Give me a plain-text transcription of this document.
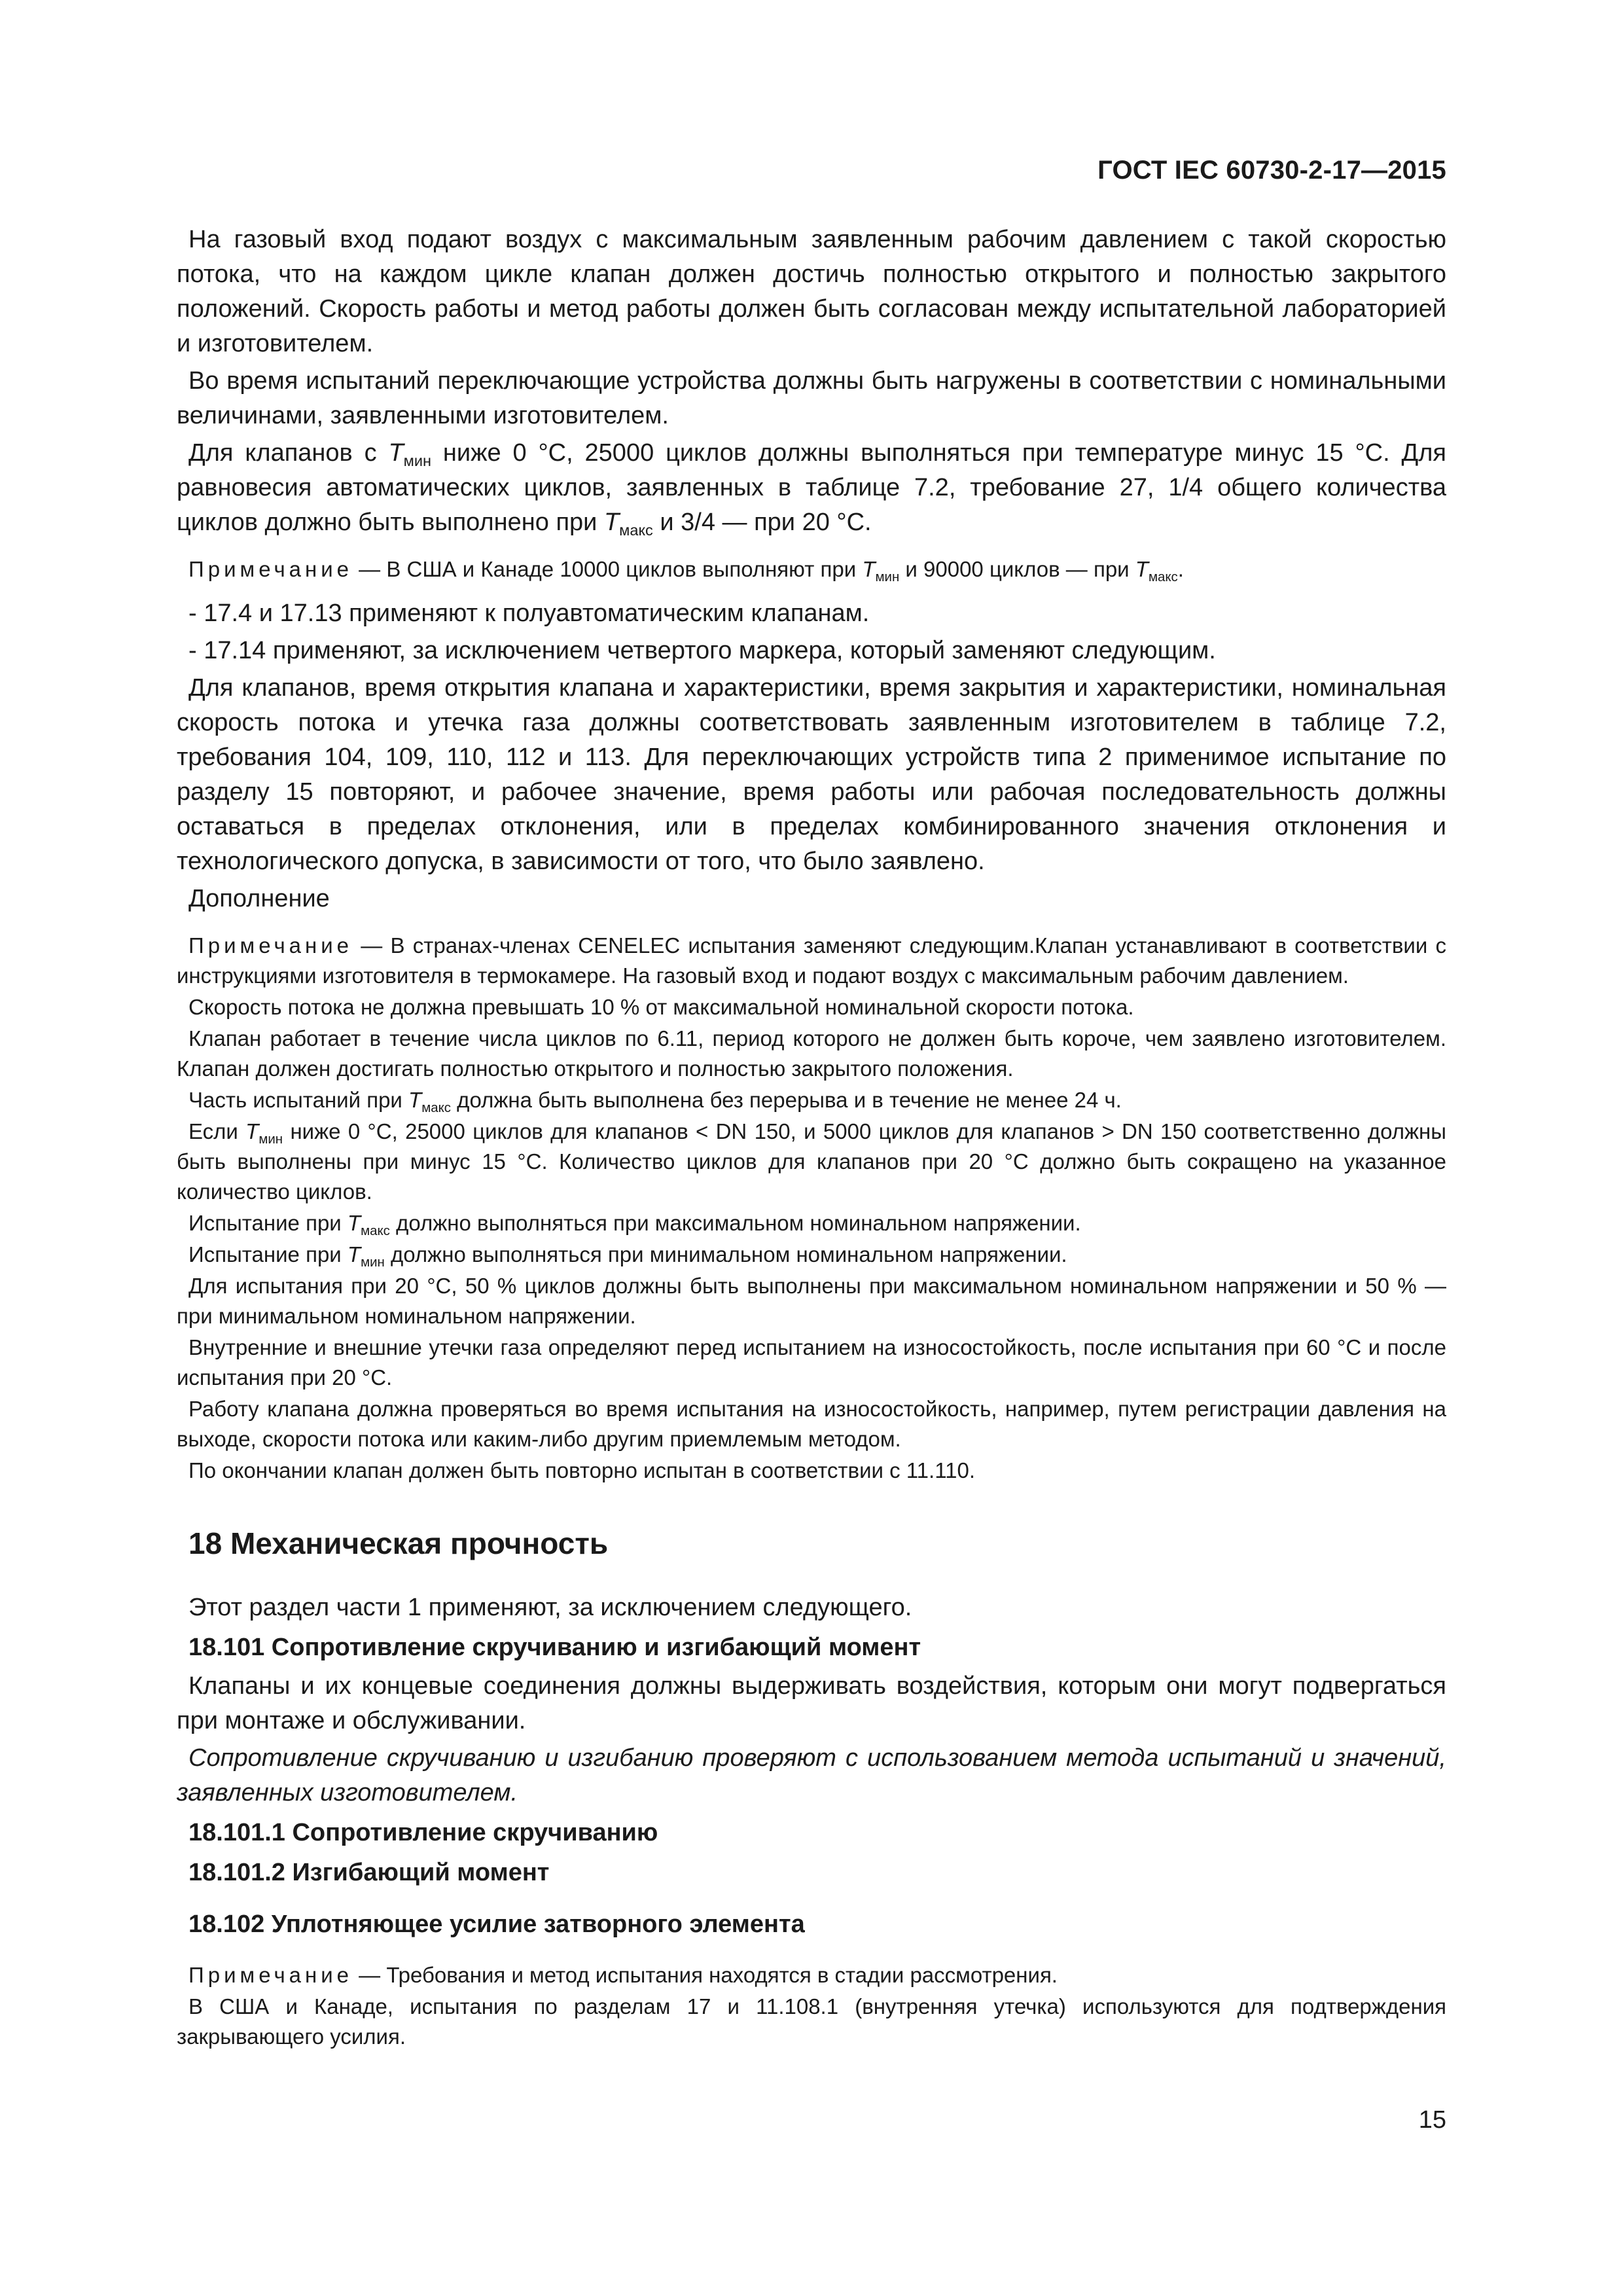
ГОСТ IEC 60730-2-17—2015

На газовый вход подают воздух с максимальным заявленным рабочим давлением с такой скоростью потока, что на каждом цикле клапан должен достичь полностью открытого и полностью закрытого положений. Скорость работы и метод работы должен быть согласован между испытательной лабораторией и изготовителем.

Во время испытаний переключающие устройства должны быть нагружены в соответствии с номинальными величинами, заявленными изготовителем.

Для клапанов с $T_{мин}$ ниже 0 °С, 25000 циклов должны выполняться при температуре минус 15 °С. Для равновесия автоматических циклов, заявленных в таблице 7.2, требование 27, 1/4 общего количества циклов должно быть выполнено при $T_{макс}$ и 3/4 — при 20 °С.

Примечание — В США и Канаде 10000 циклов выполняют при $T_{мин}$ и 90000 циклов — при $T_{макс}$.

- 17.4 и 17.13 применяют к полуавтоматическим клапанам.

- 17.14 применяют, за исключением четвертого маркера, который заменяют следующим.

Для клапанов, время открытия клапана и характеристики, время закрытия и характеристики, номинальная скорость потока и утечка газа должны соответствовать заявленным изготовителем в таблице 7.2, требования 104, 109, 110, 112 и 113. Для переключающих устройств типа 2 применимое испытание по разделу 15 повторяют, и рабочее значение, время работы или рабочая последовательность должны оставаться в пределах отклонения, или в пределах комбинированного значения отклонения и технологического допуска, в зависимости от того, что было заявлено.

Дополнение

Примечание — В странах-членах CENELEC испытания заменяют следующим.Клапан устанавливают в соответствии с инструкциями изготовителя в термокамере. На газовый вход и подают воздух с максимальным рабочим давлением.

Скорость потока не должна превышать 10 % от максимальной номинальной скорости потока.

Клапан работает в течение числа циклов по 6.11, период которого не должен быть короче, чем заявлено изготовителем. Клапан должен достигать полностью открытого и полностью закрытого положения.

Часть испытаний при $T_{макс}$ должна быть выполнена без перерыва и в течение не менее 24 ч.

Если $T_{мин}$ ниже 0 °С, 25000 циклов для клапанов < DN 150, и 5000 циклов для клапанов > DN 150 соответственно должны быть выполнены при минус 15 °С. Количество циклов для клапанов при 20 °С должно быть сокращено на указанное количество циклов.

Испытание при $T_{макс}$ должно выполняться при максимальном номинальном напряжении.

Испытание при $T_{мин}$ должно выполняться при минимальном номинальном напряжении.

Для испытания при 20 °С, 50 % циклов должны быть выполнены при максимальном номинальном напряжении и 50 % — при минимальном номинальном напряжении.

Внутренние и внешние утечки газа определяют перед испытанием на износостойкость, после испытания при 60 °С и после испытания при 20 °С.

Работу клапана должна проверяться во время испытания на износостойкость, например, путем регистрации давления на выходе, скорости потока или каким-либо другим приемлемым методом.

По окончании клапан должен быть повторно испытан в соответствии с 11.110.

18 Механическая прочность

Этот раздел части 1 применяют, за исключением следующего.

18.101 Сопротивление скручиванию и изгибающий момент

Клапаны и их концевые соединения должны выдерживать воздействия, которым они могут подвергаться при монтаже и обслуживании.

Сопротивление скручиванию и изгибанию проверяют с использованием метода испытаний и значений, заявленных изготовителем.

18.101.1 Сопротивление скручиванию
18.101.2 Изгибающий момент
18.102 Уплотняющее усилие затворного элемента

Примечание — Требования и метод испытания находятся в стадии рассмотрения.

В США и Канаде, испытания по разделам 17 и 11.108.1 (внутренняя утечка) используются для подтверждения закрывающего усилия.

15
